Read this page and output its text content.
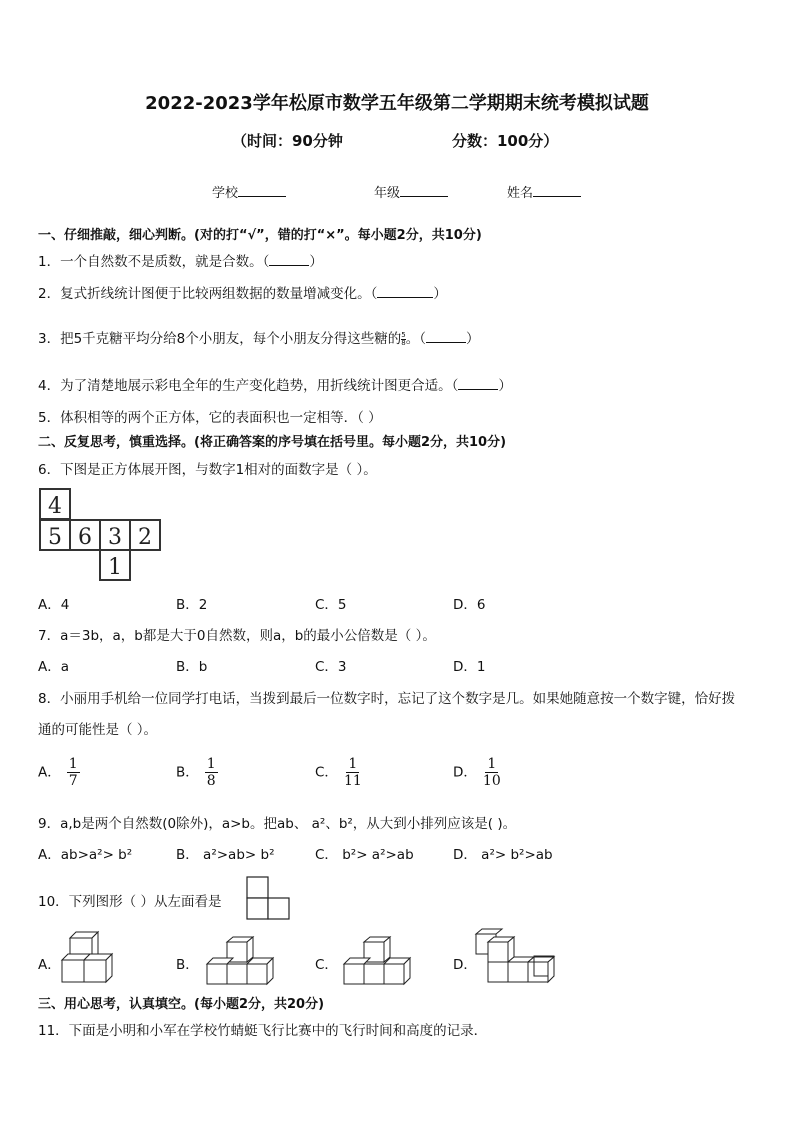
2022-2023学年松原市数学五年级第二学期期末统考模拟试题
（时间：90分钟	分数：100分）
学校	年级	姓名
一、仔细推敲，细心判断。(对的打“√”，错的打“×”。每小题2分，共10分)
1．一个自然数不是质数，就是合数。（	）
2．复式折线统计图便于比较两组数据的数量增减变化。（	）
3．把5千克糖平均分给8个小朋友，每个小朋友分得这些糖的 $\frac{5}{8}$ 。（	）
4．为了清楚地展示彩电全年的生产变化趋势，用折线统计图更合适。（	）
5．体积相等的两个正方体，它的表面积也一定相等．（ ）
二、反复思考，慎重选择。(将正确答案的序号填在括号里。每小题2分，共10分)
6．下图是正方体展开图，与数字1相对的面数字是（ ）。
4
5 6 3 2
1
A．4	B．2	C．5	D．6
7．a＝3b，a，b都是大于0自然数，则a，b的最小公倍数是（ ）。
A．a	B．b	C．3	D．1
8．小丽用手机给一位同学打电话，当拨到最后一位数字时，忘记了这个数字是几。如果她随意按一个数字键，恰好拨
通的可能性是（ ）。
A． $\frac{1}{7}$	B． $\frac{1}{8}$	C． $\frac{1}{11}$	D． $\frac{1}{10}$
9．a,b是两个自然数(0除外)，a>b。把ab、 a²、b²，从大到小排列应该是( )。
A．ab>a²> b²	B． a²>ab> b²	C． b²> a²>ab	D． a²> b²>ab
10．下列图形（ ）从左面看是
A．	B．	C．	D．
三、用心思考，认真填空。(每小题2分，共20分)
11．下面是小明和小军在学校竹蜻蜓飞行比赛中的飞行时间和高度的记录．
